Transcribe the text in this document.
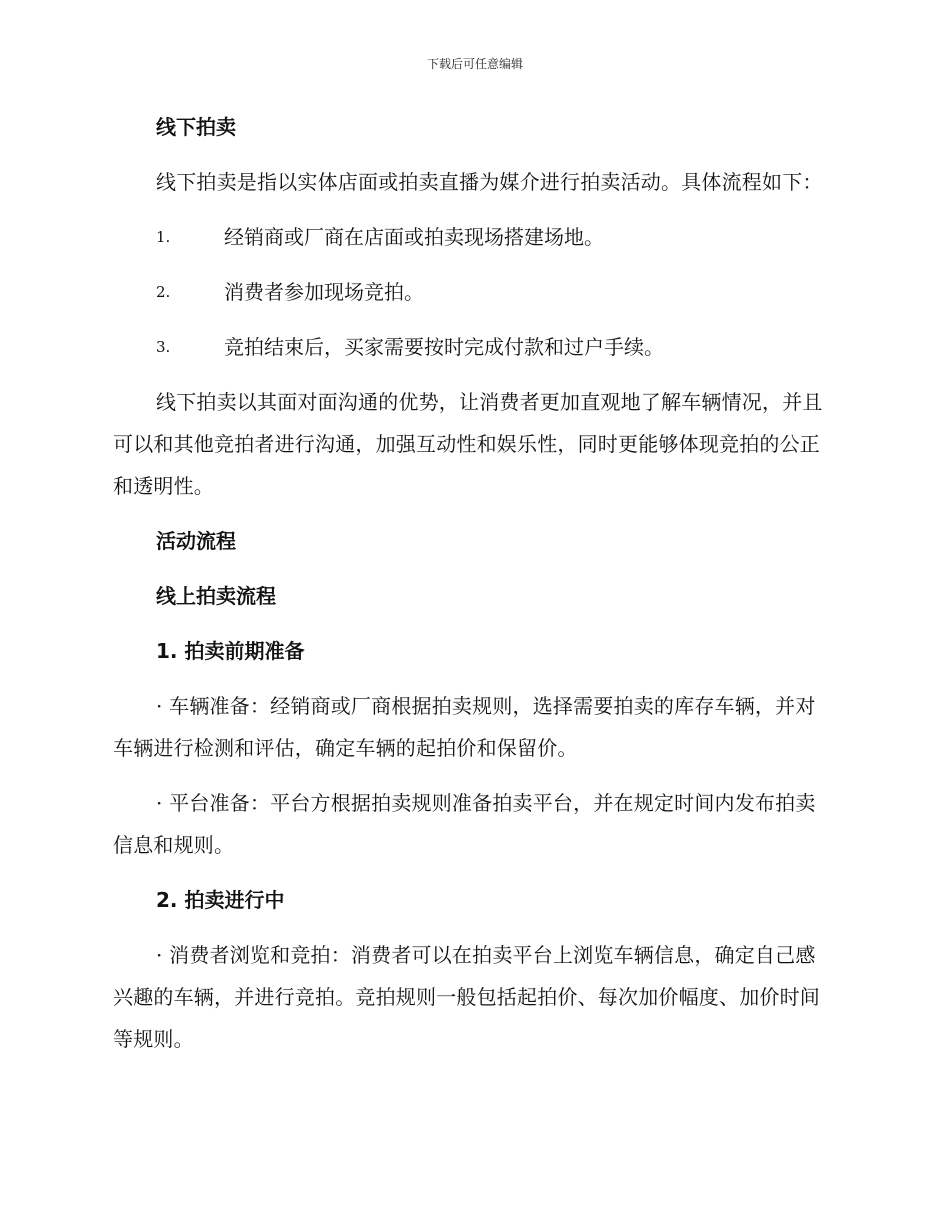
下载后可任意编辑
线下拍卖
线下拍卖是指以实体店面或拍卖直播为媒介进行拍卖活动。具体流程如下：
1.	经销商或厂商在店面或拍卖现场搭建场地。
2.	消费者参加现场竞拍。
3.	竞拍结束后，买家需要按时完成付款和过户手续。
线下拍卖以其面对面沟通的优势，让消费者更加直观地了解车辆情况，并且可以和其他竞拍者进行沟通，加强互动性和娱乐性，同时更能够体现竞拍的公正和透明性。
活动流程
线上拍卖流程
1. 拍卖前期准备
· 车辆准备：经销商或厂商根据拍卖规则，选择需要拍卖的库存车辆，并对车辆进行检测和评估，确定车辆的起拍价和保留价。
· 平台准备：平台方根据拍卖规则准备拍卖平台，并在规定时间内发布拍卖信息和规则。
2. 拍卖进行中
· 消费者浏览和竞拍：消费者可以在拍卖平台上浏览车辆信息，确定自己感兴趣的车辆，并进行竞拍。竞拍规则一般包括起拍价、每次加价幅度、加价时间等规则。
